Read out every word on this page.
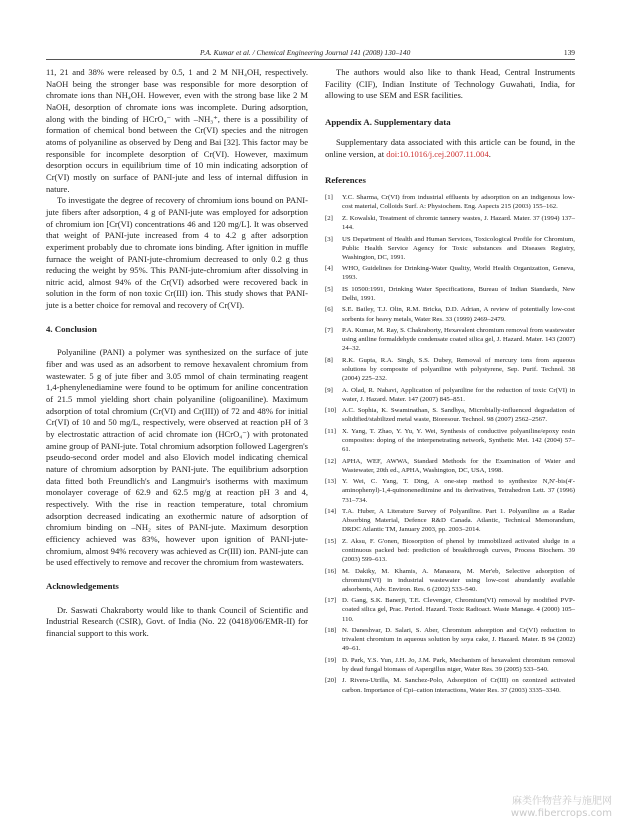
P.A. Kumar et al. / Chemical Engineering Journal 141 (2008) 130–140	139

11, 21 and 38% were released by 0.5, 1 and 2 M NH₄OH, respectively. NaOH being the stronger base was responsible for more desorption of chromate ions than NH₄OH. However, even with the strong base like 2 M NaOH, desorption of chromate ions was incomplete. During adsorption, along with the binding of HCrO₄⁻ with –NH₃⁺, there is a possibility of formation of chemical bond between the Cr(VI) species and the nitrogen atoms of polyaniline as observed by Deng and Bai [32]. This factor may be responsible for incomplete desorption of Cr(VI). However, maximum desorption occurs in equilibrium time of 10 min indicating adsorption of Cr(VI) mostly on surface of PANI-jute and less of internal diffusion in nature.

To investigate the degree of recovery of chromium ions bound on PANI-jute fibers after adsorption, 4 g of PANI-jute was employed for adsorption of chromium ion [Cr(VI) concentrations 46 and 120 mg/L]. It was observed that weight of PANI-jute increased from 4 to 4.2 g after adsorption experiment probably due to chromate ions binding. After ignition in muffle furnace the weight of PANI-jute-chromium decreased to only 0.2 g thus reducing the weight by 95%. This PANI-jute-chromium after dissolving in nitric acid, almost 94% of the Cr(VI) adsorbed were recovered back in solution in the form of non toxic Cr(III) ion. This study shows that PANI-jute is a better choice for removal and recovery of Cr(VI).

4. Conclusion

Polyaniline (PANI) a polymer was synthesized on the surface of jute fiber and was used as an adsorbent to remove hexavalent chromium from wastewater. 5 g of jute fiber and 3.05 mmol of chain terminating reagent 1,4-phenylenediamine were found to be optimum for aniline concentration of 21.5 mmol yielding short chain polyaniline (oligoaniline). Maximum adsorption of total chromium (Cr(VI) and Cr(III)) of 72 and 48% for initial Cr(VI) of 10 and 50 mg/L, respectively, were observed at reaction pH of 3 by electrostatic attraction of acid chromate ion (HCrO₄⁻) with protonated amine group of PANI-jute. Total chromium adsorption followed Lagergren's pseudo-second order model and also Elovich model indicating chemical nature of chromium adsorption by PANI-jute. The equilibrium adsorption data fitted both Freundlich's and Langmuir's isotherms with maximum monolayer coverage of 62.9 and 62.5 mg/g at reaction pH 3 and 4, respectively. With the rise in reaction temperature, total chromium adsorption decreased indicating an exothermic nature of adsorption of chromium binding on –NH₂ sites of PANI-jute. Maximum desorption efficiency achieved was 83%, however upon ignition of PANI-jute-chromium, almost 94% recovery was achieved as Cr(III) ion. PANI-jute can be used effectively to remove and recover the chromium from wastewaters.

Acknowledgements

Dr. Saswati Chakraborty would like to thank Council of Scientific and Industrial Research (CSIR), Govt. of India (No. 22 (0418)/06/EMR-II) for financial support to this work.

The authors would also like to thank Head, Central Instruments Facility (CIF), Indian Institute of Technology Guwahati, India, for allowing to use SEM and ESR facilities.

Appendix A. Supplementary data

Supplementary data associated with this article can be found, in the online version, at doi:10.1016/j.cej.2007.11.004.

References
[1] Y.C. Sharma, Cr(VI) from industrial effluents by adsorption on an indigenous low-cost material, Colloids Surf. A: Physiochem. Eng. Aspects 215 (2003) 155–162.
[2] Z. Kowalski, Treatment of chromic tannery wastes, J. Hazard. Mater. 37 (1994) 137–144.
[3] US Department of Health and Human Services, Toxicological Profile for Chromium, Public Health Service Agency for Toxic substances and Diseases Registry, Washington, DC, 1991.
[4] WHO, Guidelines for Drinking-Water Quality, World Health Organization, Geneva, 1993.
[5] IS 10500:1991, Drinking Water Specifications, Bureau of Indian Standards, New Delhi, 1991.
[6] S.E. Bailey, T.J. Olin, R.M. Bricka, D.D. Adrian, A review of potentially low-cost sorbents for heavy metals, Water Res. 33 (1999) 2469–2479.
[7] P.A. Kumar, M. Ray, S. Chakraborty, Hexavalent chromium removal from wastewater using aniline formaldehyde condensate coated silica gel, J. Hazard. Mater. 143 (2007) 24–32.
[8] R.K. Gupta, R.A. Singh, S.S. Dubey, Removal of mercury ions from aqueous solutions by composite of polyaniline with polystyrene, Sep. Purif. Technol. 38 (2004) 225–232.
[9] A. Olad, R. Nabavi, Application of polyaniline for the reduction of toxic Cr(VI) in water, J. Hazard. Mater. 147 (2007) 845–851.
[10] A.C. Sophia, K. Swaminathan, S. Sandhya, Microbially-influenced degradation of solidified/stabilized metal waste, Bioresour. Technol. 98 (2007) 2562–2567.
[11] X. Yang, T. Zhao, Y. Yu, Y. Wei, Synthesis of conductive polyaniline/epoxy resin composites: doping of the interpenetrating network, Synthetic Met. 142 (2004) 57–61.
[12] APHA, WEF, AWWA, Standard Methods for the Examination of Water and Wastewater, 20th ed., APHA, Washington, DC, USA, 1998.
[13] Y. Wei, C. Yang, T. Ding, A one-step method to synthesize N,N′-bis(4′-aminophenyl)-1,4-quinonenediimine and its derivatives, Tetrahedron Lett. 37 (1996) 731–734.
[14] T.A. Huber, A Literature Survey of Polyaniline. Part 1. Polyaniline as a Radar Absorbing Material, Defence R&D Canada. Atlantic, Technical Memorandum, DRDC Atlantic TM, January 2003, pp. 2003–2014.
[15] Z. Aksu, F. G'onen, Biosorption of phenol by immobilized activated sludge in a continuous packed bed: prediction of breakthrough curves, Process Biochem. 39 (2003) 599–613.
[16] M. Dakiky, M. Khamis, A. Manassra, M. Mer'eb, Selective adsorption of chromium(VI) in industrial wastewater using low-cost abundantly available adsorbents, Adv. Environ. Res. 6 (2002) 533–540.
[17] D. Gang, S.K. Banerji, T.E. Clevenger, Chromium(VI) removal by modified PVP-coated silica gel, Prac. Period. Hazard. Toxic Radioact. Waste Manage. 4 (2000) 105–110.
[18] N. Daneshvar, D. Salari, S. Aber, Chromium adsorption and Cr(VI) reduction to trivalent chromium in aqueous solution by soya cake, J. Hazard. Mater. B 94 (2002) 49–61.
[19] D. Park, Y.S. Yun, J.H. Jo, J.M. Park, Mechanism of hexavalent chromium removal by dead fungal biomass of Aspergillus niger, Water Res. 39 (2005) 533–540.
[20] J. Rivera-Utrilla, M. Sanchez-Polo, Adsorption of Cr(III) on ozonized activated carbon. Importance of Cpi–cation interactions, Water Res. 37 (2003) 3335–3340.
麻类作物营养与施肥网
www.fibercrops.com
